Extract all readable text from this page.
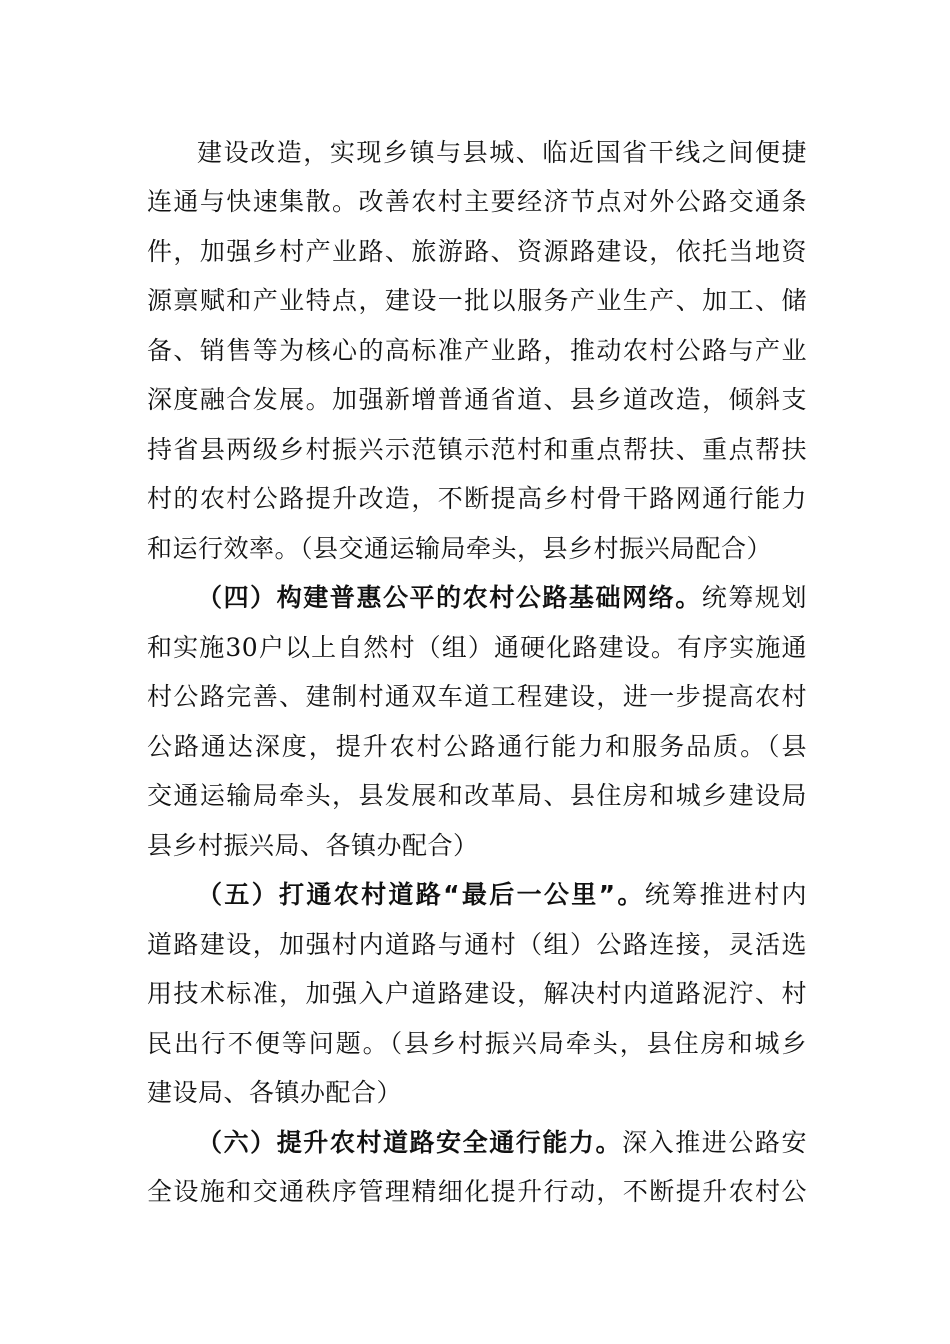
建设改造，实现乡镇与县城、临近国省干线之间便捷
连通与快速集散。改善农村主要经济节点对外公路交通条
件，加强乡村产业路、旅游路、资源路建设，依托当地资
源禀赋和产业特点，建设一批以服务产业生产、加工、储
备、销售等为核心的高标准产业路，推动农村公路与产业
深度融合发展。加强新增普通省道、县乡道改造，倾斜支
持省县两级乡村振兴示范镇示范村和重点帮扶、重点帮扶
村的农村公路提升改造，不断提高乡村骨干路网通行能力
和运行效率。（县交通运输局牵头，县乡村振兴局配合）
（四）构建普惠公平的农村公路基础网络。统筹规划
和实施30户以上自然村（组）通硬化路建设。有序实施通
村公路完善、建制村通双车道工程建设，进一步提高农村
公路通达深度，提升农村公路通行能力和服务品质。（县
交通运输局牵头，县发展和改革局、县住房和城乡建设局
县乡村振兴局、各镇办配合）
（五）打通农村道路“最后一公里”。统筹推进村内
道路建设，加强村内道路与通村（组）公路连接，灵活选
用技术标准，加强入户道路建设，解决村内道路泥泞、村
民出行不便等问题。（县乡村振兴局牵头，县住房和城乡
建设局、各镇办配合）
（六）提升农村道路安全通行能力。深入推进公路安
全设施和交通秩序管理精细化提升行动，不断提升农村公
